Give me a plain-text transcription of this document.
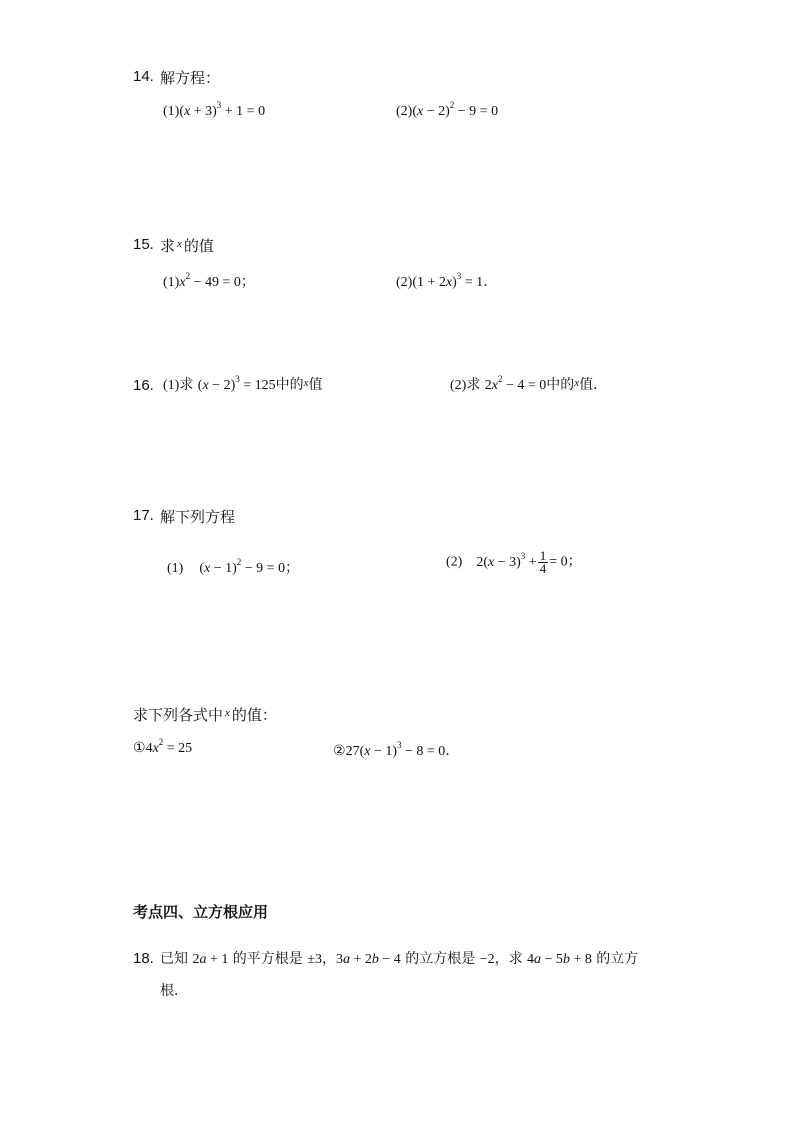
14. 解方程：
$(1)(x + 3)^3 + 1 = 0$	$(2)(x - 2)^2 - 9 = 0$
15. 求 $^x$ 的值
$(1)x^2 - 49 = 0$；	$(2)(1 + 2x)^3 = 1$．
16. (1)求 $(x - 2)^3 = 125$中的x值	(2)求 $2x^2 - 4 = 0$中的x值．
17. 解下列方程
(1) $(x - 1)^2 - 9 = 0$；	(2) $2(x - 3)^3 + \frac{1}{4} = 0$；
求下列各式中 $^x$ 的值：
$①4x^2 = 25$	②27(x − 1)$^3$ − 8 = 0．
考点四、立方根应用
18. 已知 2a + 1 的平方根是 ±3，3a + 2b − 4 的立方根是 −2，求 4a − 5b + 8 的立方
根．
